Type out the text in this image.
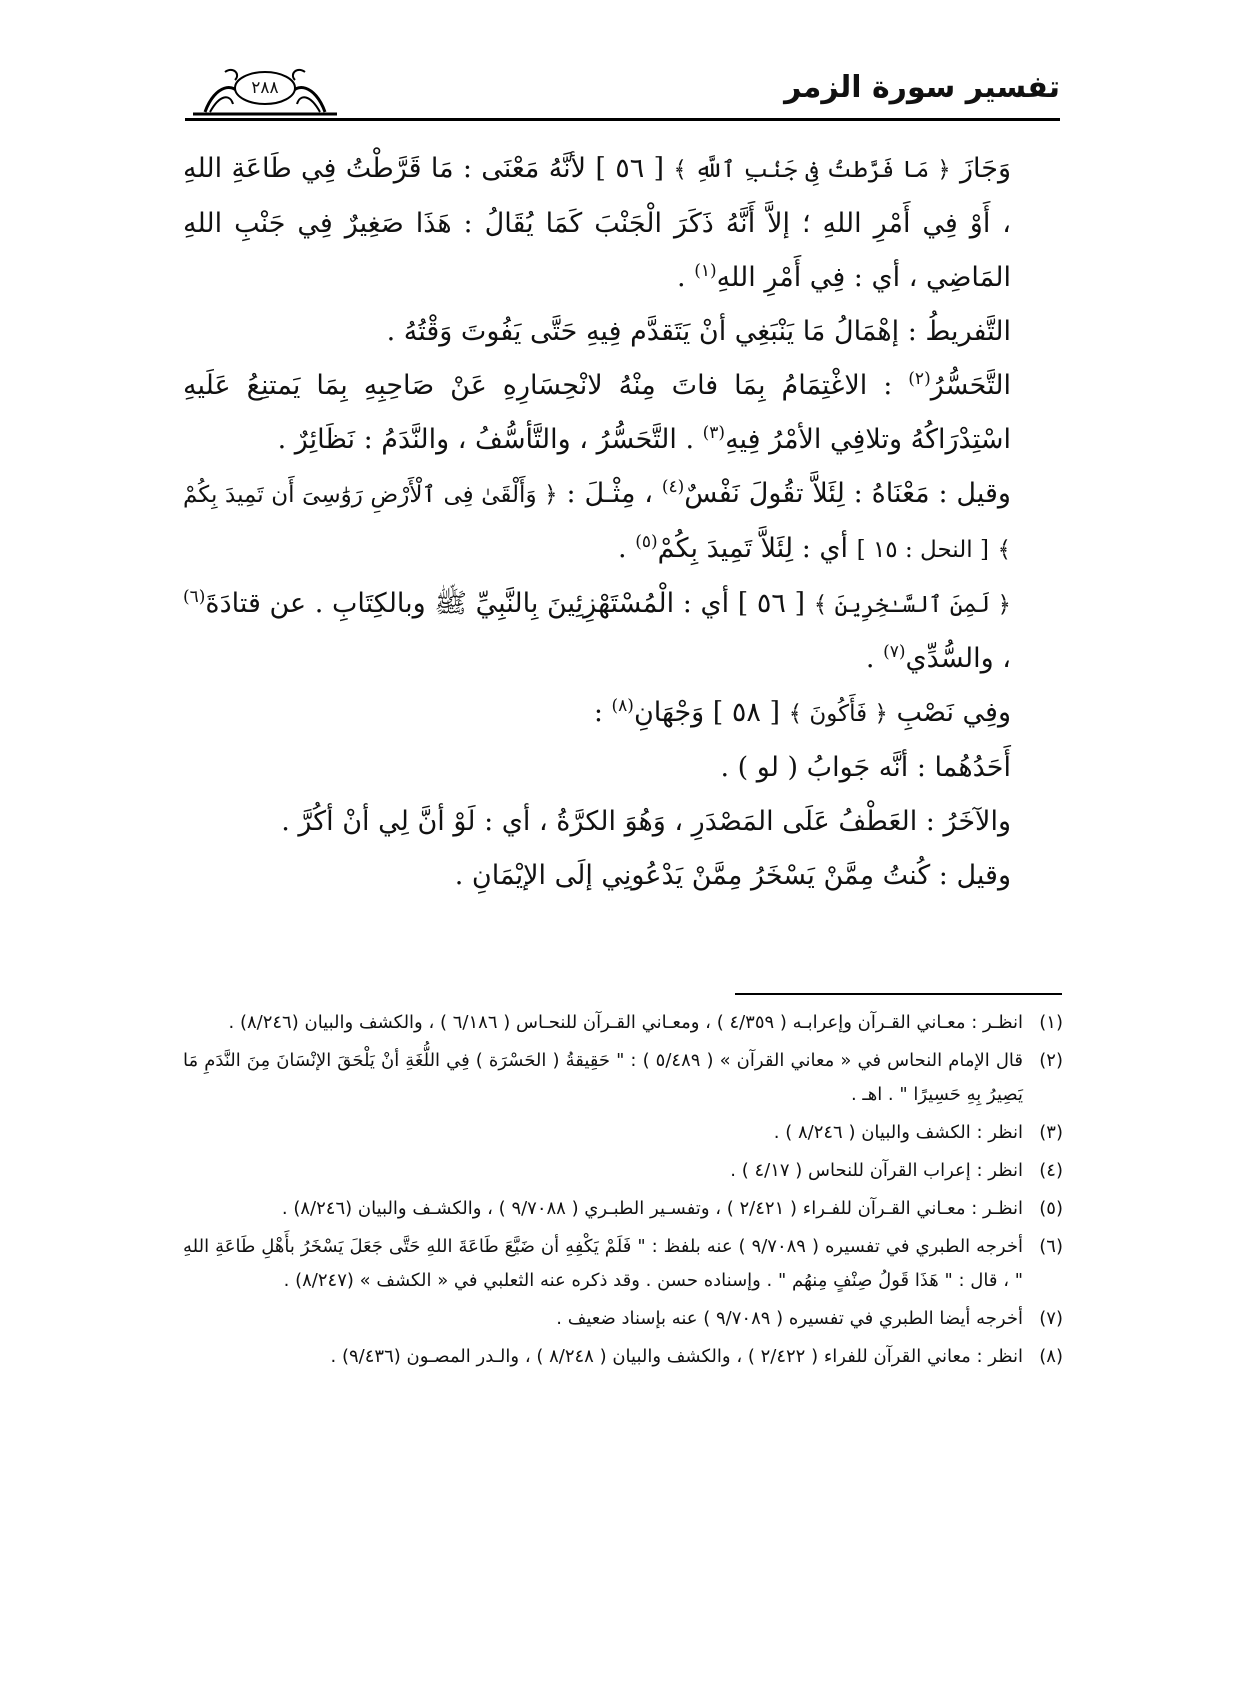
٢٨٨	تفسير سورة الزمر

وَجَازَ ﴿ مَا فَرَّطتُ فِى جَنۢبِ ٱللَّهِ ﴾ [ ٥٦ ] لأنَّهُ مَعْنَى : مَا قَرَّطْتُ فِي طَاعَةِ اللهِ ، أَوْ فِي أَمْرِ اللهِ ؛ إلاَّ أَنَّهُ ذَكَرَ الْجَنْبَ كَمَا يُقَالُ : هَذَا صَغِيرٌ فِي جَنْبِ اللهِ المَاضِي ، أي : فِي أَمْرِ اللهِ$^{(١)}$ .

التَّفريطُ : إهْمَالُ مَا يَنْبَغِي أنْ يَتَقدَّم فِيهِ حَتَّى يَفُوتَ وَقْتُهُ .

التَّحَسُّرُ$^{(٢)}$ : الاغْتِمَامُ بِمَا فاتَ مِنْهُ لانْحِسَارِهِ عَنْ صَاحِبِهِ بِمَا يَمتنِعُ عَلَيهِ اسْتِدْرَاكُهُ وتلافِي الأمْرُ فِيهِ$^{(٣)}$ . التَّحَسُّرُ ، والتَّأسُّفُ ، والنَّدَمُ : نَظَائِرٌ .

وقيل : مَعْنَاهُ : لِئَلاَّ تقُولَ نَفْسٌ$^{(٤)}$ ، مِثْـلَ : ﴿ وَأَلْقَىٰ فِى ٱلْأَرْضِ رَوَٰسِىَ أَن تَمِيدَ بِكُمْ ﴾ [ النحل : ١٥ ] أي : لِئَلاَّ تَمِيدَ بِكُمْ$^{(٥)}$ .

﴿ لَمِنَ ٱلسَّـٰخِرِينَ ﴾ [ ٥٦ ] أي : الْمُسْتَهْزِئِينَ بِالنَّبِيِّ ﷺ وبالكِتَابِ . عن قتادَةَ$^{(٦)}$ ، والسُّدِّي$^{(٧)}$ .

وفِي نَصْبِ ﴿ فَأَكُونَ ﴾ [ ٥٨ ] وَجْهَانِ$^{(٨)}$ :

أَحَدُهُما : أنَّه جَوابُ ( لو ) .

والآخَرُ : العَطْفُ عَلَى المَصْدَرِ ، وَهُوَ الكرَّةُ ، أي : لَوْ أنَّ لِي أنْ أكُرَّ .

وقيل : كُنتُ مِمَّنْ يَسْخَرُ مِمَّنْ يَدْعُونِي إلَى الإيْمَانِ .

(١)
انظـر : معـاني القـرآن وإعرابـه ( ٤/٣٥٩ ) ، ومعـاني القـرآن للنحـاس ( ٦/١٨٦ ) ، والكشف والبيان (٨/٢٤٦) .
(٢)
قال الإمام النحاس في « معاني القرآن » ( ٥/٤٨٩ ) : " حَقِيقةُ ( الحَسْرَة ) فِي اللُّغَةِ أنْ يَلْحَقَ الإنْسَانَ مِنَ النَّدَمِ مَا يَصِيرُ بِهِ حَسِيرًا " . اهـ .
(٣)
انظر : الكشف والبيان ( ٨/٢٤٦ ) .
(٤)
انظر : إعراب القرآن للنحاس ( ٤/١٧ ) .
(٥)
انظـر : معـاني القـرآن للفـراء ( ٢/٤٢١ ) ، وتفسـير الطبـري ( ٩/٧٠٨٨ ) ، والكشـف والبيان (٨/٢٤٦) .
(٦)
أخرجه الطبري في تفسيره ( ٩/٧٠٨٩ ) عنه بلفظ : " فَلَمْ يَكْفِهِ أن ضَيَّعَ طَاعَةَ اللهِ حَتَّى جَعَلَ يَسْخَرُ بأَهْلِ طَاعَةِ اللهِ " ، قال : " هَذَا قَولُ صِنْفٍ مِنهُم " . وإسناده حسن . وقد ذكره عنه الثعلبي في « الكشف » (٨/٢٤٧) .
(٧)
أخرجه أيضا الطبري في تفسيره ( ٩/٧٠٨٩ ) عنه بإسناد ضعيف .
(٨)
انظر : معاني القرآن للفراء ( ٢/٤٢٢ ) ، والكشف والبيان ( ٨/٢٤٨ ) ، والـدر المصـون (٩/٤٣٦) .
